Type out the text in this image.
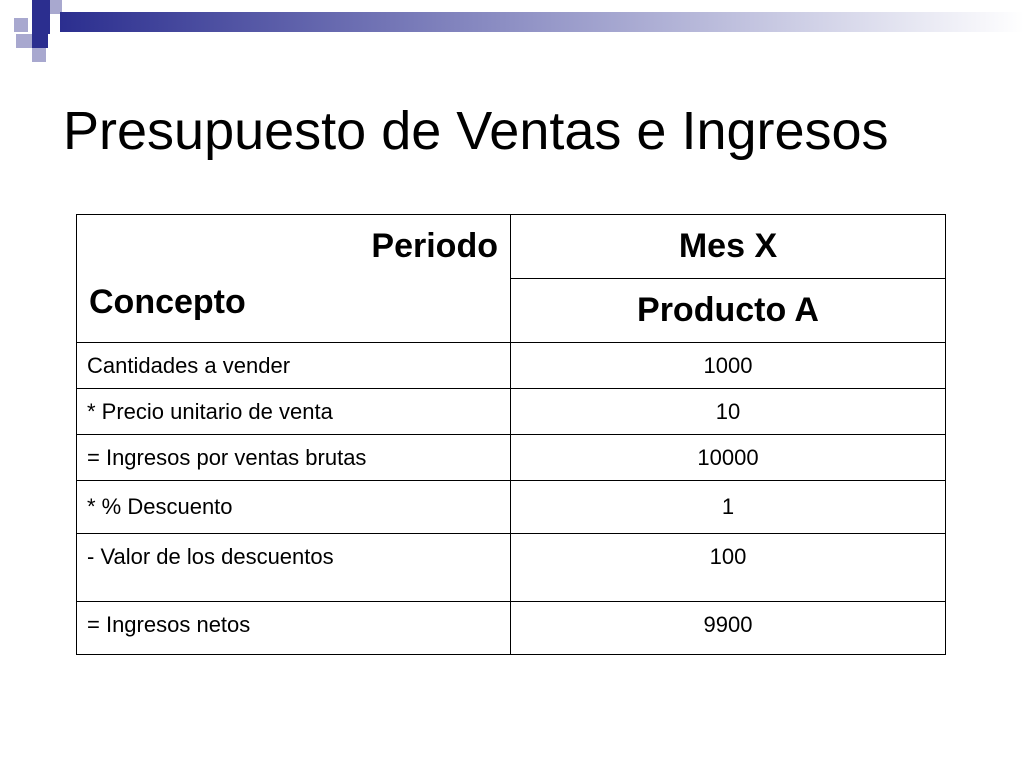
Presupuesto de Ventas e Ingresos
Periodo
Concepto	Mes X
	Producto A
Cantidades a vender	1000
* Precio unitario de venta	10
= Ingresos por ventas brutas	10000
* % Descuento	1
- Valor de los descuentos	100
= Ingresos netos	9900
